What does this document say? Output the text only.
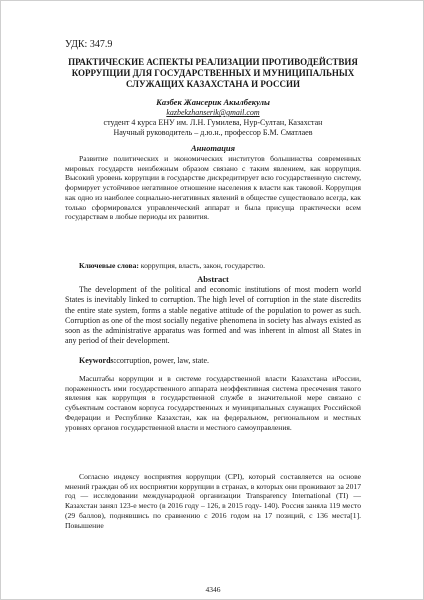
УДК: 347.9
ПРАКТИЧЕСКИЕ АСПЕКТЫ РЕАЛИЗАЦИИ ПРОТИВОДЕЙСТВИЯ КОРРУПЦИИ ДЛЯ ГОСУДАРСТВЕННЫХ И МУНИЦИПАЛЬНЫХ СЛУЖАЩИХ КАЗАХСТАНА И РОССИИ
Казбек Жансерик Акылбекулы
kazbekzhanserik@gmail.com
студент 4 курса ЕНУ им. Л.Н. Гумилева, Нур-Султан, Казахстан
Научный руководитель – д.ю.н., профессор Б.М. Сматлаев
Аннотация
Развитие политических и экономических институтов большинства современных мировых государств неизбежным образом связано с таким явлением, как коррупция. Высокий уровень коррупции в государстве дискредитирует всю государственную систему, формирует устойчивое негативное отношение населения к власти как таковой. Коррупция как одно из наиболее социально-негативных явлений в обществе существовало всегда, как только сформировался управленческий аппарат и была присуща практически всем государствам в любые периоды их развития.
Ключевые слова: коррупция, власть, закон, государство.
Abstract
The development of the political and economic institutions of most modern world States is inevitably linked to corruption. The high level of corruption in the state discredits the entire state system, forms a stable negative attitude of the population to power as such. Corruption as one of the most socially negative phenomena in society has always existed as soon as the administrative apparatus was formed and was inherent in almost all States in any period of their development.
Keywords:corruption, power, law, state.
Масштабы коррупции и в системе государственной власти Казахстана иРоссии, пораженность ими государственного аппарата неэффективная система пресечения такого явления как коррупция в государственной службе в значительной мере связано с субъектным составом корпуса государственных и муниципальных служащих Российской Федерации и Республике Казахстан, как на федеральном, региональном и местных уровнях органов государственной власти и местного самоуправления.
Согласно индексу восприятия коррупции (CPI), который составляется на основе мнений граждан об их восприятии коррупции в странах, в которых они проживают за 2017 год — исследовании международной организации Transparency International (TI) — Казахстан занял 123-е место (в 2016 году – 126, в 2015 году- 140). Россия заняла 119 место (29 баллов), поднявшись по сравнению с 2016 годом на 17 позиций, с 136 места[1]. Повышение
4346
